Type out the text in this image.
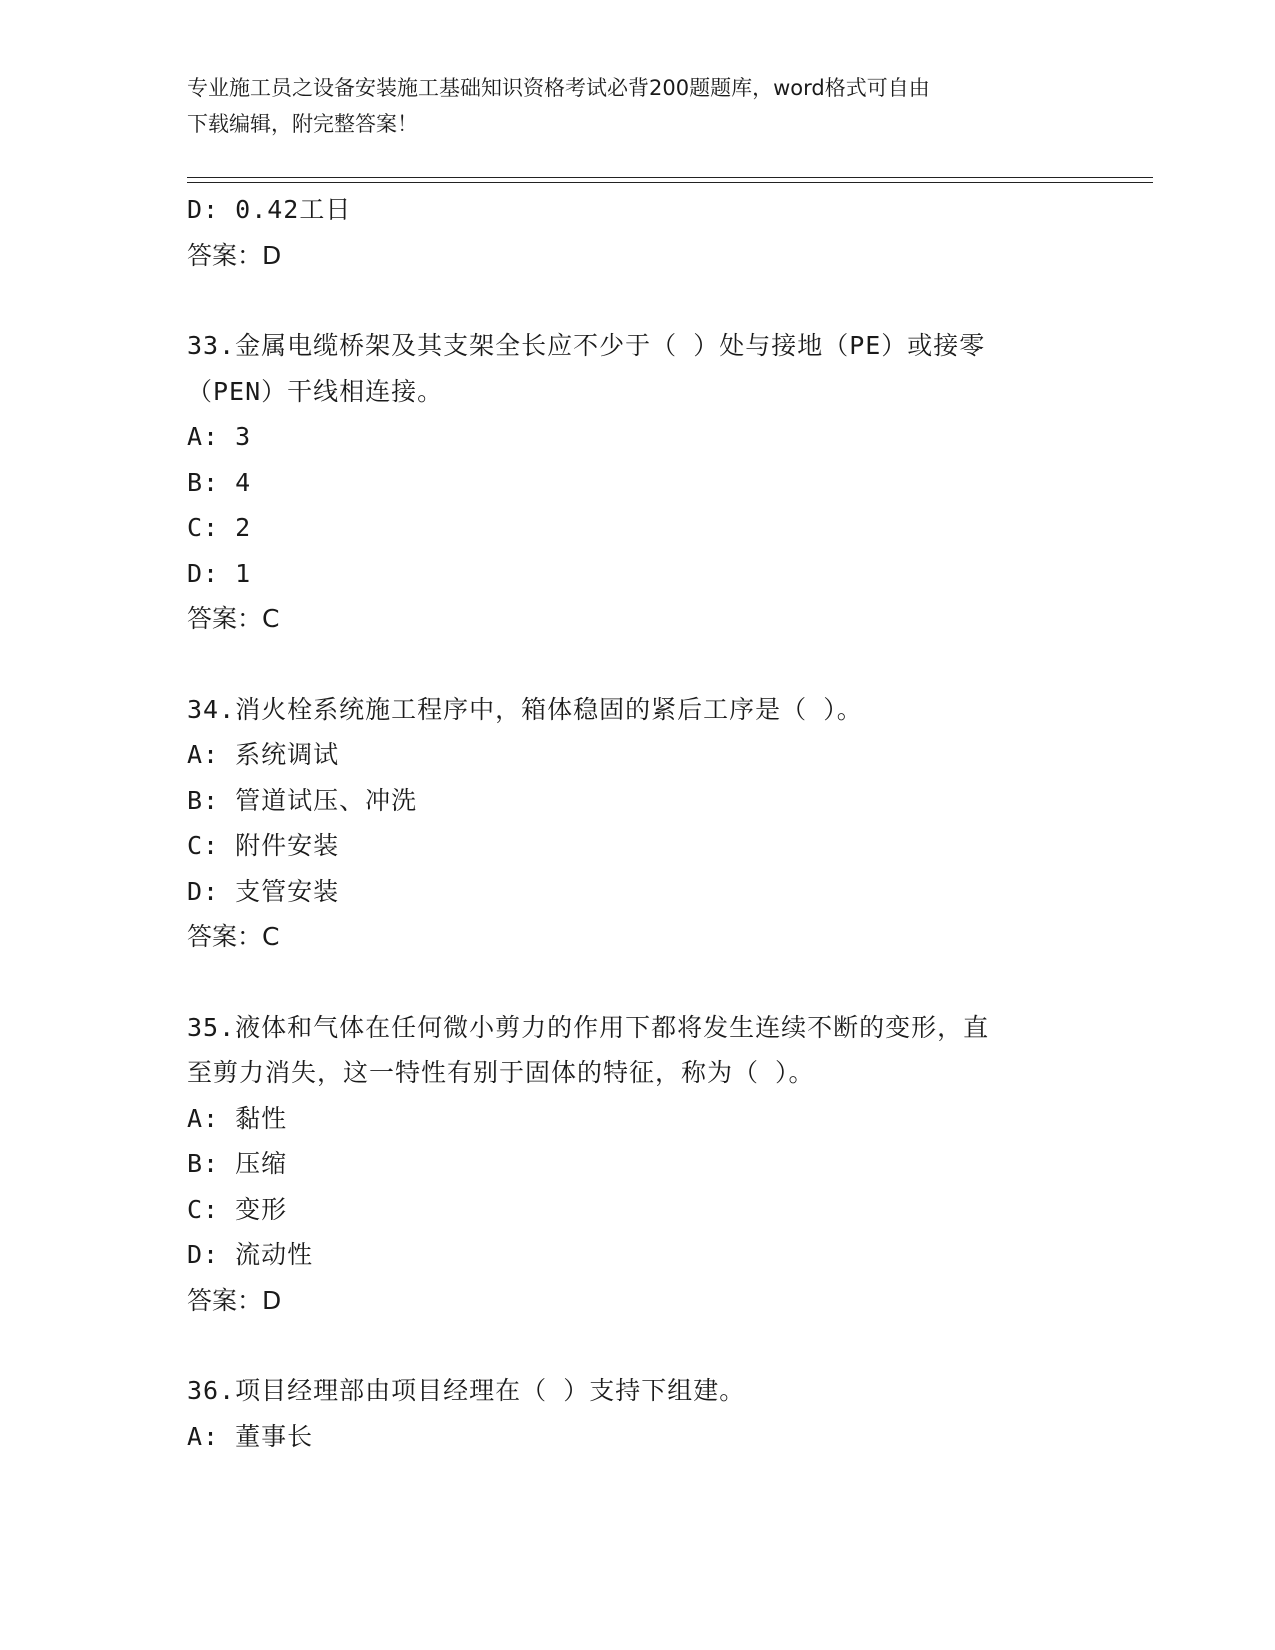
专业施工员之设备安装施工基础知识资格考试必背200题题库，word格式可自由
下载编辑，附完整答案！
D: 0.42工日
答案：D
33.金属电缆桥架及其支架全长应不少于（ ）处与接地（PE）或接零
（PEN）干线相连接。
A: 3
B: 4
C: 2
D: 1
答案：C
34.消火栓系统施工程序中，箱体稳固的紧后工序是（ ）。
A: 系统调试
B: 管道试压、冲洗
C: 附件安装
D: 支管安装
答案：C
35.液体和气体在任何微小剪力的作用下都将发生连续不断的变形，直
至剪力消失，这一特性有别于固体的特征，称为（ ）。
A: 黏性
B: 压缩
C: 变形
D: 流动性
答案：D
36.项目经理部由项目经理在（ ）支持下组建。
A: 董事长
